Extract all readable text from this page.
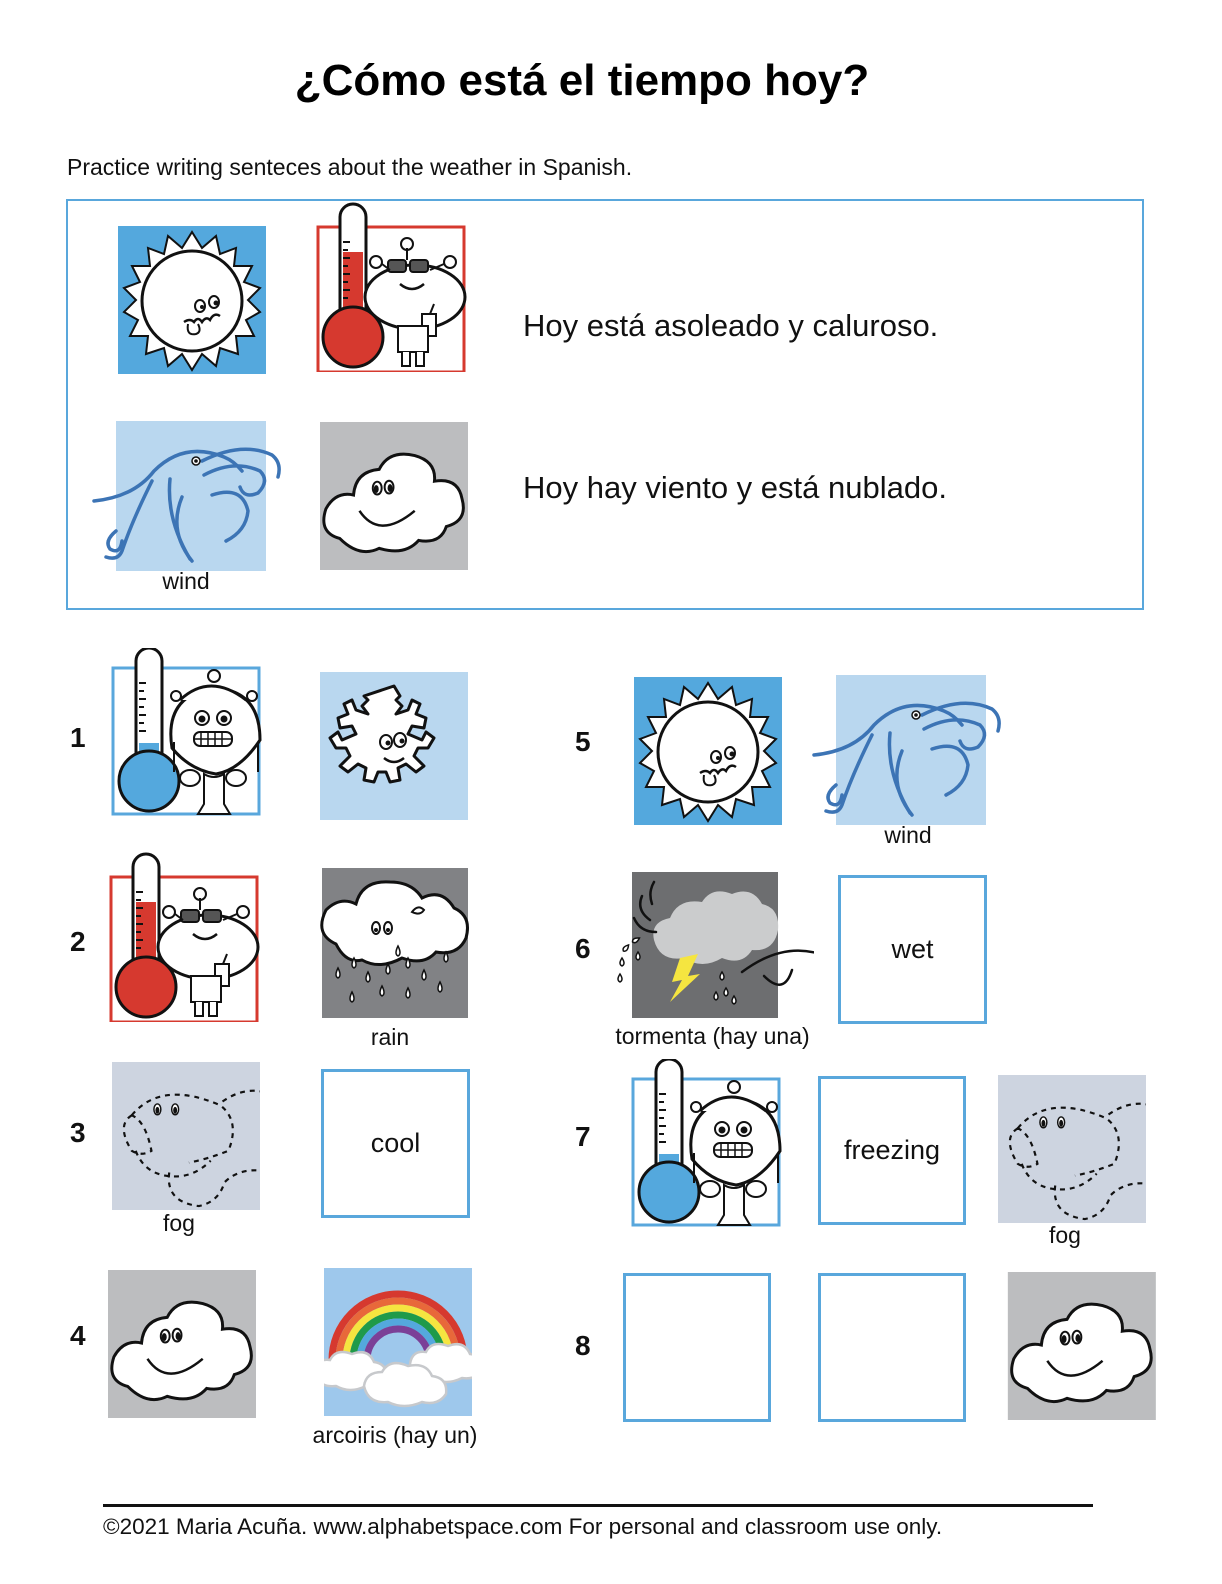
¿Cómo está el tiempo hoy?
Practice writing senteces about the weather in Spanish.
Hoy está asoleado y caluroso.
wind
Hoy hay viento y está nublado.
1
2
rain
3
fog
cool
4
arcoiris (hay un)
5
wind
6
tormenta (hay una)
wet
7	freezing
fog
8
©2021 Maria Acuña. www.alphabetspace.com For personal and classroom use only.
